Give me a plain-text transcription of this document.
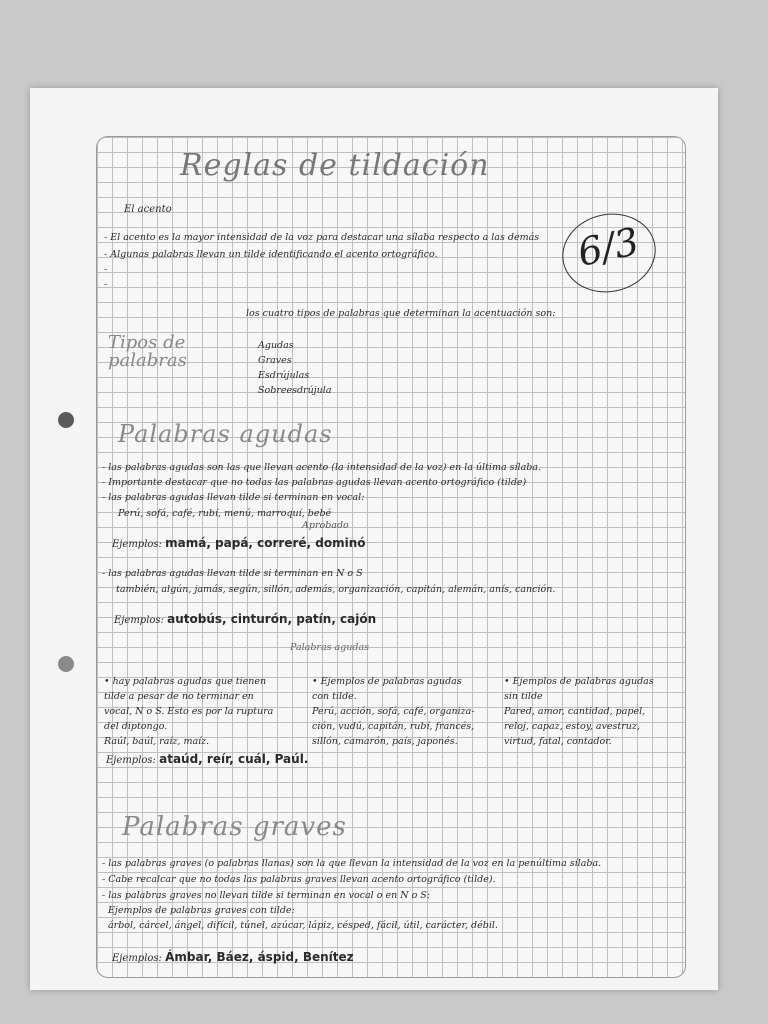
Reglas de tildación
El acento
6/3
- El acento es la mayor intensidad de la voz para destacar una sílaba respecto a las demás
- Algunas palabras llevan un tilde identificando el acento ortográfico.
-
-
los cuatro tipos de palabras que determinan la acentuación son:
Tipos de palabras
Agudas
Graves
Esdrújulas
Sobreesdrújula
Palabras agudas
- las palabras agudas son las que llevan acento (la intensidad de la voz) en la última sílaba.
- Importante destacar que no todas las palabras agudas llevan acento ortográfico (tilde)
- las palabras agudas llevan tilde si terminan en vocal:
Perú, sofá, café, rubí, menú, marroquí, bebé
Aprobado
Ejemplos: mamá, papá, correré, dominó
- las palabras agudas llevan tilde si terminan en N o S
también, algún, jamás, según, sillón, además, organización, capitán, alemán, anís, canción.
Ejemplos: autobús, cinturón, patín, cajón
Palabras agudas
• hay palabras agudas que tienen
tilde a pesar de no terminar en
vocal, N o S. Esto es por la ruptura
del diptongo.
Raúl, baúl, raíz, maíz.
• Ejemplos de palabras agudas
con tilde.
Perú, acción, sofá, café, organiza-
ción, vudú, capitán, rubí, francés,
sillón, camarón, país, japonés.
• Ejemplos de palabras agudas
sin tilde
Pared, amor, cantidad, papel,
reloj, capaz, estoy, avestruz,
virtud, fatal, contador.
Ejemplos: ataúd, reír, cuál, Paúl.
Palabras graves
- las palabras graves (o palabras llanas) son la que llevan la intensidad de la voz en la penúltima sílaba.
- Cabe recalcar que no todas las palabras graves llevan acento ortográfico (tilde).
- las palabras graves no llevan tilde si terminan en vocal o en N o S:
Ejemplos de palabras graves con tilde:
árbol, cárcel, ángel, difícil, túnel, azúcar, lápiz, césped, fácil, útil, carácter, débil.
Ejemplos: Ámbar, Báez, áspid, Benítez
